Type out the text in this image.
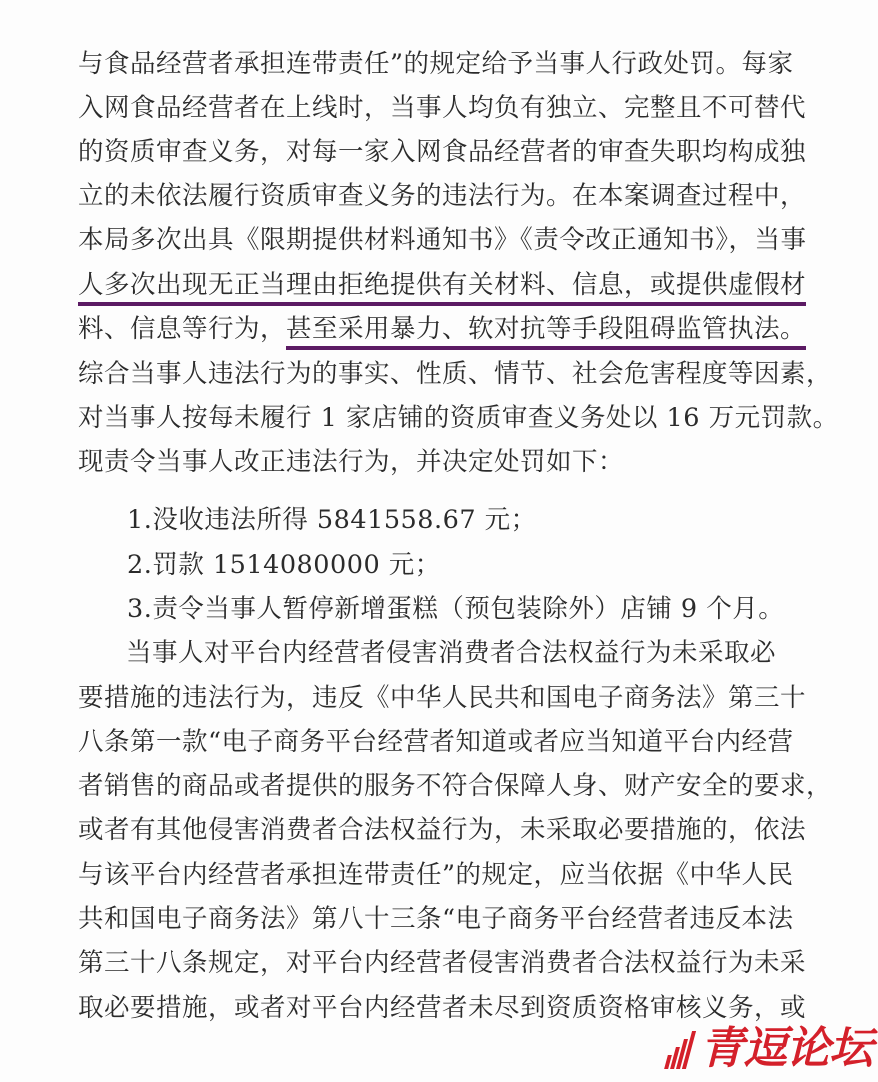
与食品经营者承担连带责任”的规定给予当事人行政处罚。每家
入网食品经营者在上线时，当事人均负有独立、完整且不可替代
的资质审查义务，对每一家入网食品经营者的审查失职均构成独
立的未依法履行资质审查义务的违法行为。在本案调查过程中，
本局多次出具《限期提供材料通知书》《责令改正通知书》，当事
人多次出现无正当理由拒绝提供有关材料、信息，或提供虚假材
料、信息等行为，甚至采用暴力、软对抗等手段阻碍监管执法。
综合当事人违法行为的事实、性质、情节、社会危害程度等因素，
对当事人按每未履行 1 家店铺的资质审查义务处以 16 万元罚款。
现责令当事人改正违法行为，并决定处罚如下：
1.没收违法所得 5841558.67 元；
2.罚款 1514080000 元；
3.责令当事人暂停新增蛋糕（预包装除外）店铺 9 个月。
当事人对平台内经营者侵害消费者合法权益行为未采取必
要措施的违法行为，违反《中华人民共和国电子商务法》第三十
八条第一款“电子商务平台经营者知道或者应当知道平台内经营
者销售的商品或者提供的服务不符合保障人身、财产安全的要求，
或者有其他侵害消费者合法权益行为，未采取必要措施的，依法
与该平台内经营者承担连带责任”的规定，应当依据《中华人民
共和国电子商务法》第八十三条“电子商务平台经营者违反本法
第三十八条规定，对平台内经营者侵害消费者合法权益行为未采
取必要措施，或者对平台内经营者未尽到资质资格审核义务，或
青逗论坛
